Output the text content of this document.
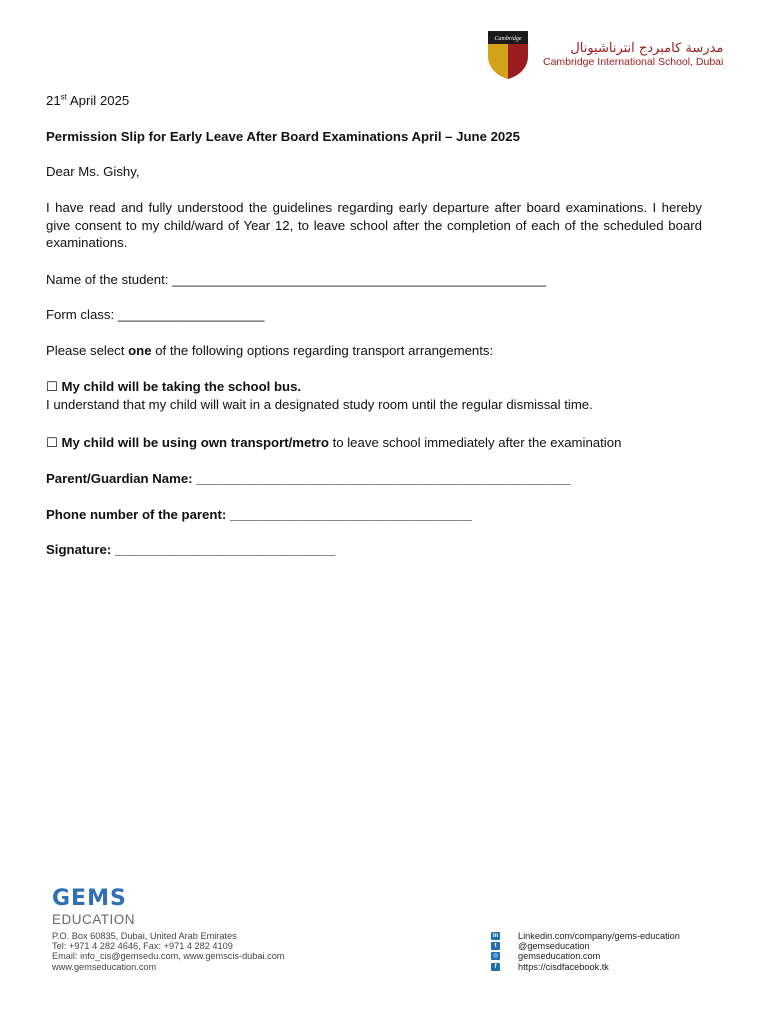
Cambridge
مدرسة كامبردج انترناشيونال
Cambridge International School, Dubai
21st April 2025
Permission Slip for Early Leave After Board Examinations April – June 2025
Dear Ms. Gishy,
I have read and fully understood the guidelines regarding early departure after board examinations. I hereby give consent to my child/ward of Year 12, to leave school after the completion of each of the scheduled board examinations.
Name of the student: ___________________________________________________
Form class: ____________________
Please select one of the following options regarding transport arrangements:
☐ My child will be taking the school bus.
I understand that my child will wait in a designated study room until the regular dismissal time.
☐ My child will be using own transport/metro to leave school immediately after the examination
Parent/Guardian Name: ___________________________________________________
Phone number of the parent: _________________________________
Signature: ______________________________
GEMS
EDUCATION
P.O. Box 60835, Dubai, United Arab Emirates
Tel: +971 4 282 4646, Fax: +971 4 282 4109
Email: info_cis@gemsedu.com, www.gemscis-dubai.com
www.gemseducation.com
in Linkedin.com/company/gems-education
t	@gemseducation
◎ gemseducation.com
f	https://cisdfacebook.tk
